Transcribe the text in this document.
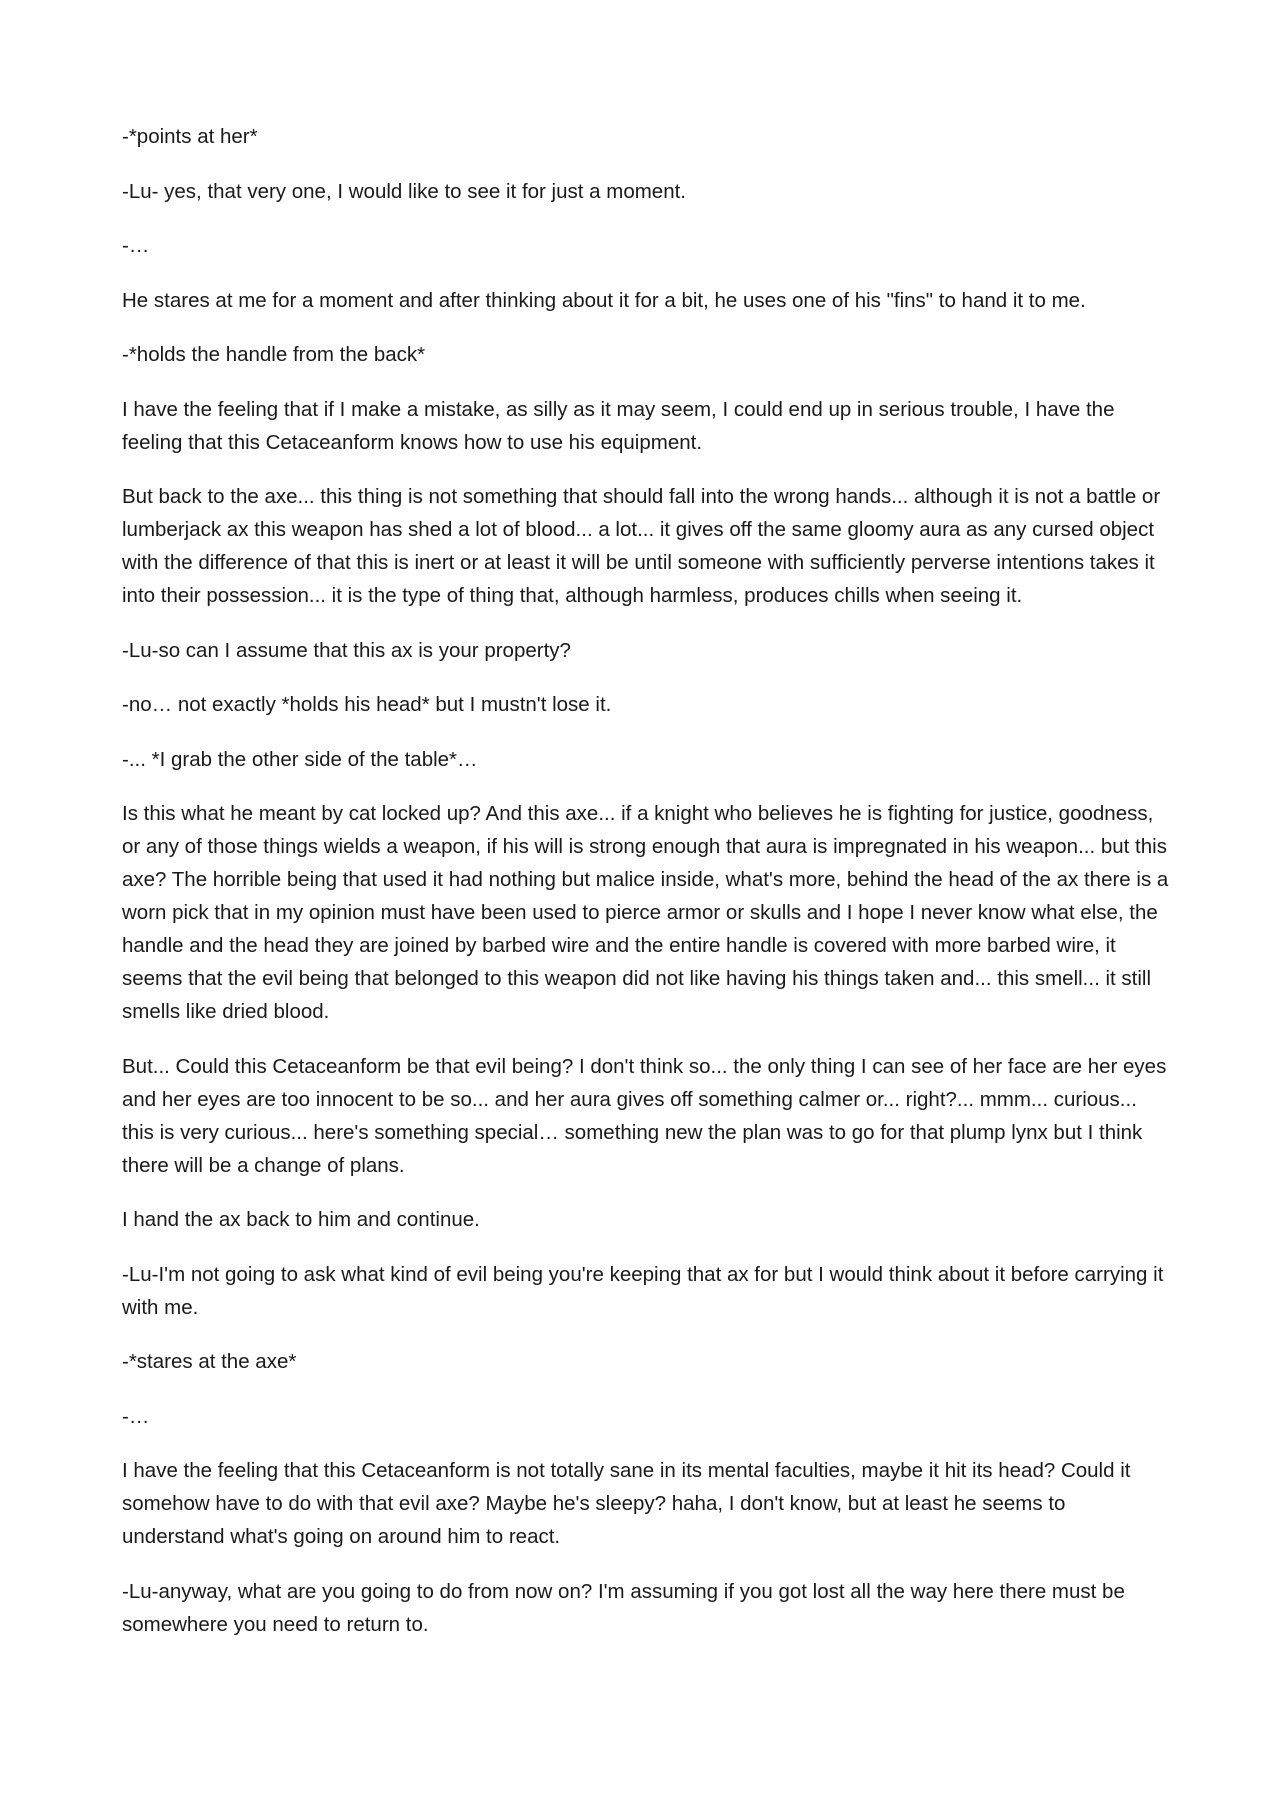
-*points at her*

-Lu- yes, that very one, I would like to see it for just a moment.

-…

He stares at me for a moment and after thinking about it for a bit, he uses one of his "fins" to hand it to me.

-*holds the handle from the back*

I have the feeling that if I make a mistake, as silly as it may seem, I could end up in serious trouble, I have the feeling that this Cetaceanform knows how to use his equipment.

But back to the axe... this thing is not something that should fall into the wrong hands... although it is not a battle or lumberjack ax this weapon has shed a lot of blood... a lot... it gives off the same gloomy aura as any cursed object with the difference of that this is inert or at least it will be until someone with sufficiently perverse intentions takes it into their possession... it is the type of thing that, although harmless, produces chills when seeing it.

-Lu-so can I assume that this ax is your property?

-no… not exactly *holds his head* but I mustn't lose it.

-... *I grab the other side of the table*…

Is this what he meant by cat locked up? And this axe... if a knight who believes he is fighting for justice, goodness, or any of those things wields a weapon, if his will is strong enough that aura is impregnated in his weapon... but this axe? The horrible being that used it had nothing but malice inside, what's more, behind the head of the ax there is a worn pick that in my opinion must have been used to pierce armor or skulls and I hope I never know what else, the handle and the head they are joined by barbed wire and the entire handle is covered with more barbed wire, it seems that the evil being that belonged to this weapon did not like having his things taken and... this smell... it still smells like dried blood.

But... Could this Cetaceanform be that evil being? I don't think so... the only thing I can see of her face are her eyes and her eyes are too innocent to be so... and her aura gives off something calmer or... right?... mmm... curious... this is very curious... here's something special… something new the plan was to go for that plump lynx but I think there will be a change of plans.

I hand the ax back to him and continue.

-Lu-I'm not going to ask what kind of evil being you're keeping that ax for but I would think about it before carrying it with me.

-*stares at the axe*

-…

I have the feeling that this Cetaceanform is not totally sane in its mental faculties, maybe it hit its head? Could it somehow have to do with that evil axe? Maybe he's sleepy? haha, I don't know, but at least he seems to understand what's going on around him to react.

-Lu-anyway, what are you going to do from now on? I'm assuming if you got lost all the way here there must be somewhere you need to return to.
